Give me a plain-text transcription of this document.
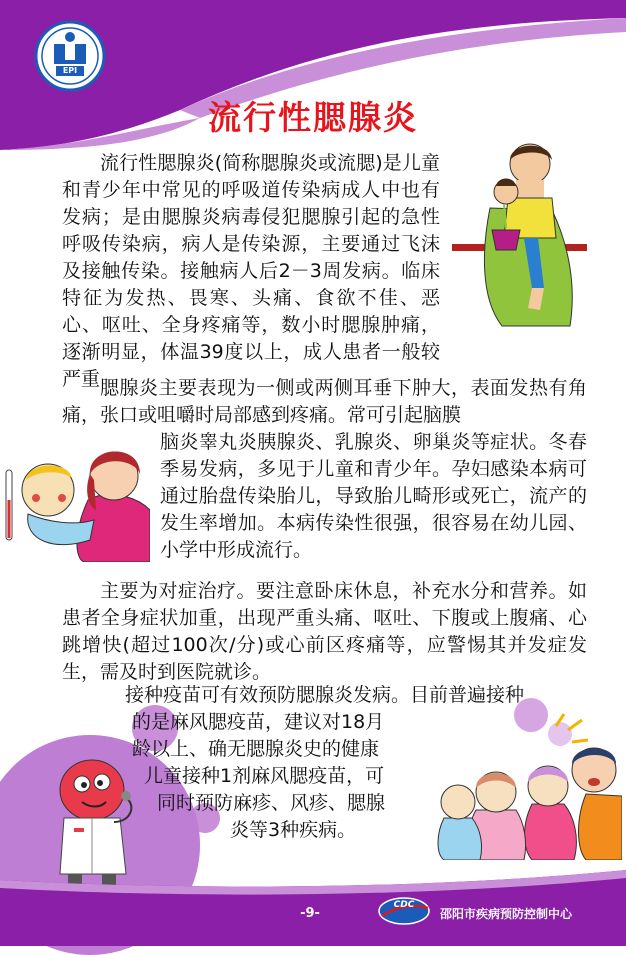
EPI
流行性腮腺炎
流行性腮腺炎(简称腮腺炎或流腮)是儿童和青少年中常见的呼吸道传染病成人中也有发病；是由腮腺炎病毒侵犯腮腺引起的急性呼吸传染病，病人是传染源，主要通过飞沫及接触传染。接触病人后2－3周发病。临床特征为发热、畏寒、头痛、食欲不佳、恶心、呕吐、全身疼痛等，数小时腮腺肿痛，逐渐明显，体温39度以上，成人患者一般较严重 腮腺炎主要表现为一侧或两侧耳垂下肿大，表面发热有角痛，张口或咀嚼时局部感到疼痛。常可引起脑膜
脑炎睾丸炎胰腺炎、乳腺炎、卵巢炎等症状。冬春季易发病，多见于儿童和青少年。孕妇感染本病可通过胎盘传染胎儿，导致胎儿畸形或死亡，流产的发生率增加。本病传染性很强，很容易在幼儿园、小学中形成流行。
主要为对症治疗。要注意卧床休息，补充水分和营养。如患者全身症状加重，出现严重头痛、呕吐、下腹或上腹痛、心跳增快(超过100次/分)或心前区疼痛等，应警惕其并发症发生，需及时到医院就诊。
接种疫苗可有效预防腮腺炎发病。目前普遍接种
的是麻风腮疫苗，建议对18月
龄以上、确无腮腺炎史的健康
儿童接种1剂麻风腮疫苗，可
同时预防麻疹、风疹、腮腺
炎等3种疾病。
-9-
CDC
邵阳市疾病预防控制中心
